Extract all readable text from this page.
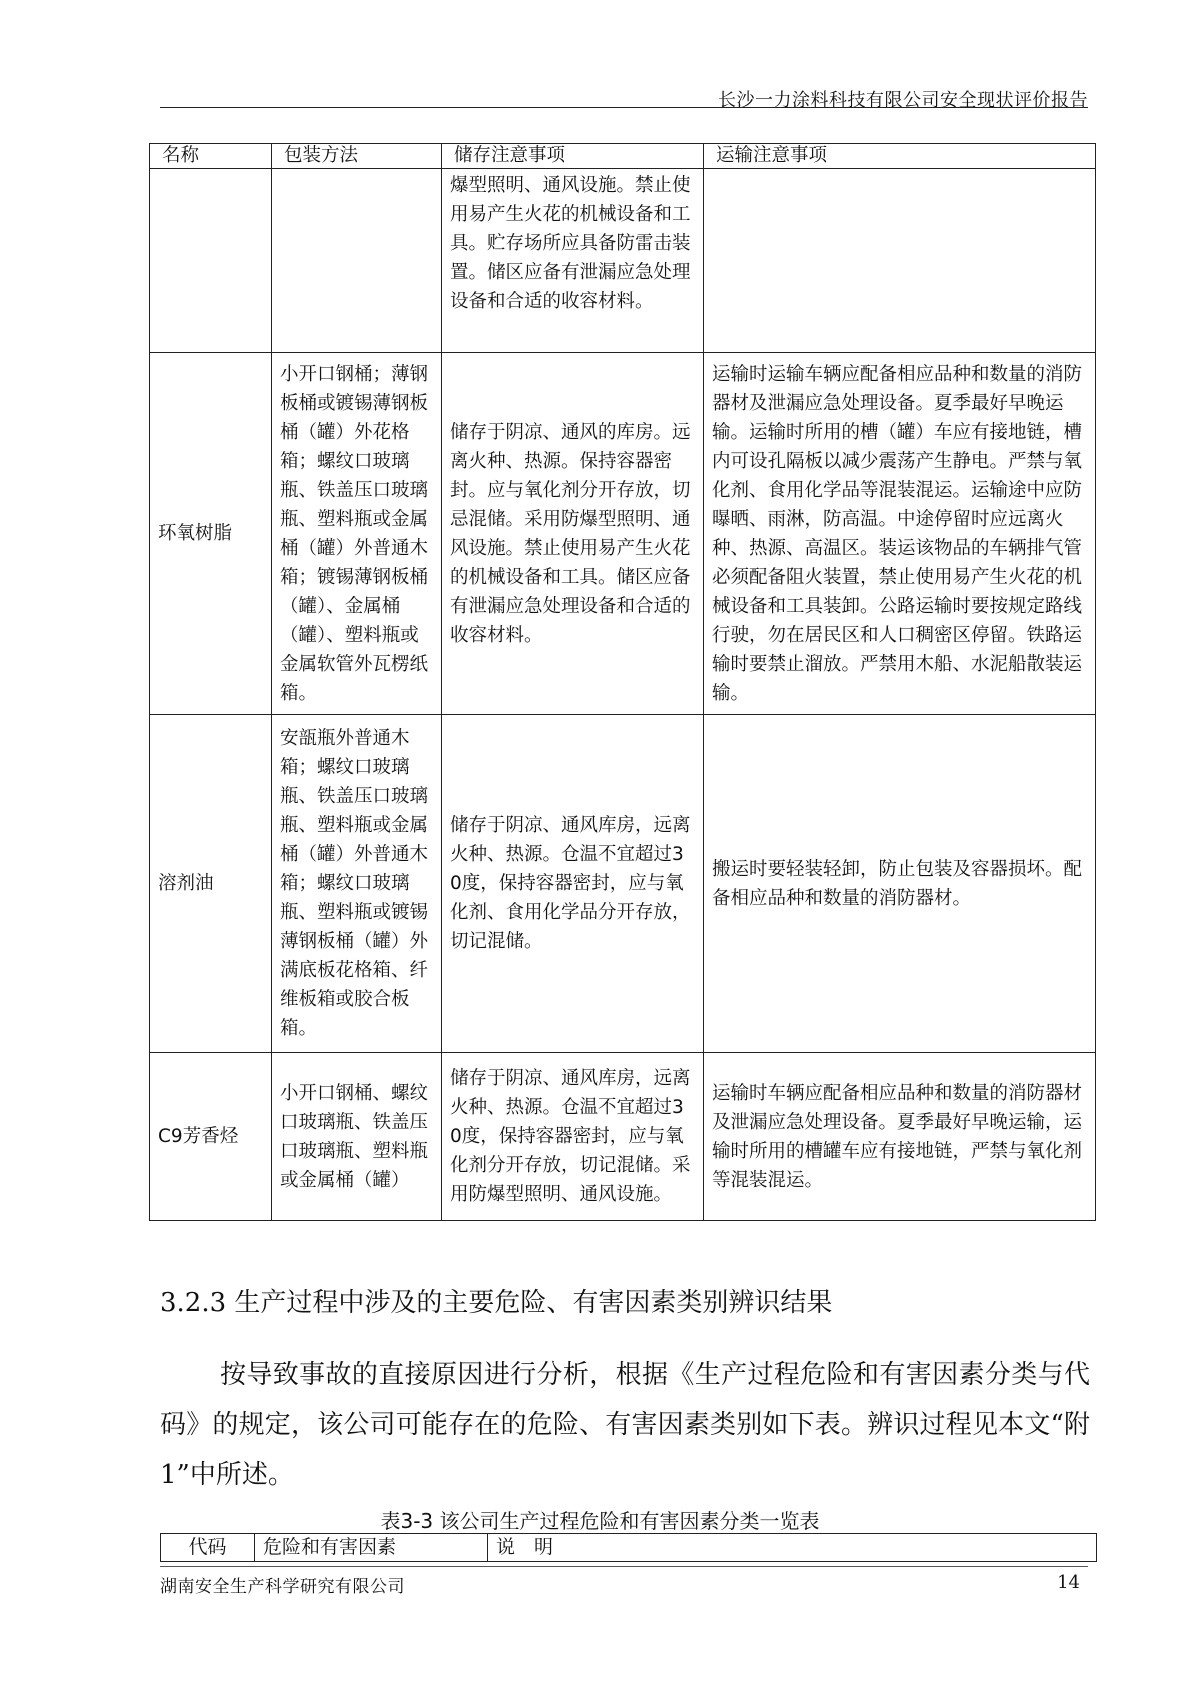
长沙一力涂料科技有限公司安全现状评价报告
名称	包装方法	储存注意事项	运输注意事项
		爆型照明、通风设施。禁止使用易产生火花的机械设备和工具。贮存场所应具备防雷击装置。储区应备有泄漏应急处理设备和合适的收容材料。	
环氧树脂	小开口钢桶；薄钢板桶或镀锡薄钢板桶（罐）外花格箱；螺纹口玻璃瓶、铁盖压口玻璃瓶、塑料瓶或金属桶（罐）外普通木箱；镀锡薄钢板桶（罐）、金属桶（罐）、塑料瓶或金属软管外瓦楞纸箱。	储存于阴凉、通风的库房。远离火种、热源。保持容器密封。应与氧化剂分开存放，切忌混储。采用防爆型照明、通风设施。禁止使用易产生火花的机械设备和工具。储区应备有泄漏应急处理设备和合适的收容材料。	运输时运输车辆应配备相应品种和数量的消防器材及泄漏应急处理设备。夏季最好早晚运输。运输时所用的槽（罐）车应有接地链，槽内可设孔隔板以减少震荡产生静电。严禁与氧化剂、食用化学品等混装混运。运输途中应防曝晒、雨淋，防高温。中途停留时应远离火种、热源、高温区。装运该物品的车辆排气管必须配备阻火装置，禁止使用易产生火花的机械设备和工具装卸。公路运输时要按规定路线行驶，勿在居民区和人口稠密区停留。铁路运输时要禁止溜放。严禁用木船、水泥船散装运输。
溶剂油	安瓿瓶外普通木箱；螺纹口玻璃瓶、铁盖压口玻璃瓶、塑料瓶或金属桶（罐）外普通木箱；螺纹口玻璃瓶、塑料瓶或镀锡薄钢板桶（罐）外满底板花格箱、纤维板箱或胶合板箱。	储存于阴凉、通风库房，远离火种、热源。仓温不宜超过30度，保持容器密封，应与氧化剂、食用化学品分开存放，切记混储。	搬运时要轻装轻卸，防止包装及容器损坏。配备相应品种和数量的消防器材。
C9芳香烃	小开口钢桶、螺纹口玻璃瓶、铁盖压口玻璃瓶、塑料瓶或金属桶（罐）	储存于阴凉、通风库房，远离火种、热源。仓温不宜超过30度，保持容器密封，应与氧化剂分开存放，切记混储。采用防爆型照明、通风设施。	运输时车辆应配备相应品种和数量的消防器材及泄漏应急处理设备。夏季最好早晚运输，运输时所用的槽罐车应有接地链，严禁与氧化剂等混装混运。
3.2.3 生产过程中涉及的主要危险、有害因素类别辨识结果
按导致事故的直接原因进行分析，根据《生产过程危险和有害因素分类与代码》的规定，该公司可能存在的危险、有害因素类别如下表。辨识过程见本文“附1”中所述。
表3-3 该公司生产过程危险和有害因素分类一览表
代码	危险和有害因素	说　明
湖南安全生产科学研究有限公司	14
